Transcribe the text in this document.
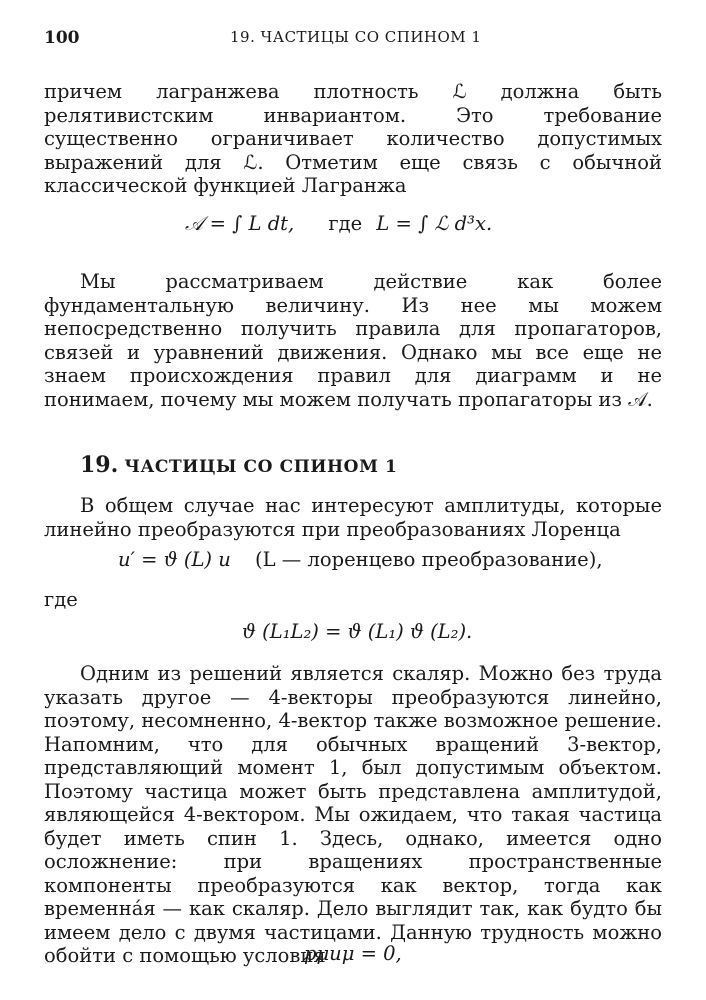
100	19. ЧАСТИЦЫ СО СПИНОМ 1

причем лагранжева плотность ℒ должна быть релятивистским инвариантом. Это требование существенно ограничивает количество допустимых выражений для ℒ. Отметим еще связь с обычной классической функцией Лагранжа

𝒜 = ∫ L dt, где L = ∫ ℒ d³x.

Мы рассматриваем действие как более фундаментальную величину. Из нее мы можем непосредственно получить правила для пропагаторов, связей и уравнений движения. Однако мы все еще не знаем происхождения правил для диаграмм и не понимаем, почему мы можем получать пропагаторы из 𝒜.

19. ЧАСТИЦЫ СО СПИНОМ 1

В общем случае нас интересуют амплитуды, которые линейно преобразуются при преобразованиях Лоренца

u′ = ϑ (L) u (L — лоренцево преобразование),

где

ϑ (L₁L₂) = ϑ (L₁) ϑ (L₂).

Одним из решений является скаляр. Можно без труда указать другое — 4-векторы преобразуются линейно, поэтому, несомненно, 4-вектор также возможное решение. Напомним, что для обычных вращений 3-вектор, представляющий момент 1, был допустимым объектом. Поэтому частица может быть представлена амплитудой, являющейся 4-вектором. Мы ожидаем, что такая частица будет иметь спин 1. Здесь, однако, имеется одно осложнение: при вращениях пространственные компоненты преобразуются как вектор, тогда как временна́я — как скаляр. Дело выглядит так, как будто бы имеем дело с двумя частицами. Данную трудность можно обойти с помощью условия

pμuμ = 0,
